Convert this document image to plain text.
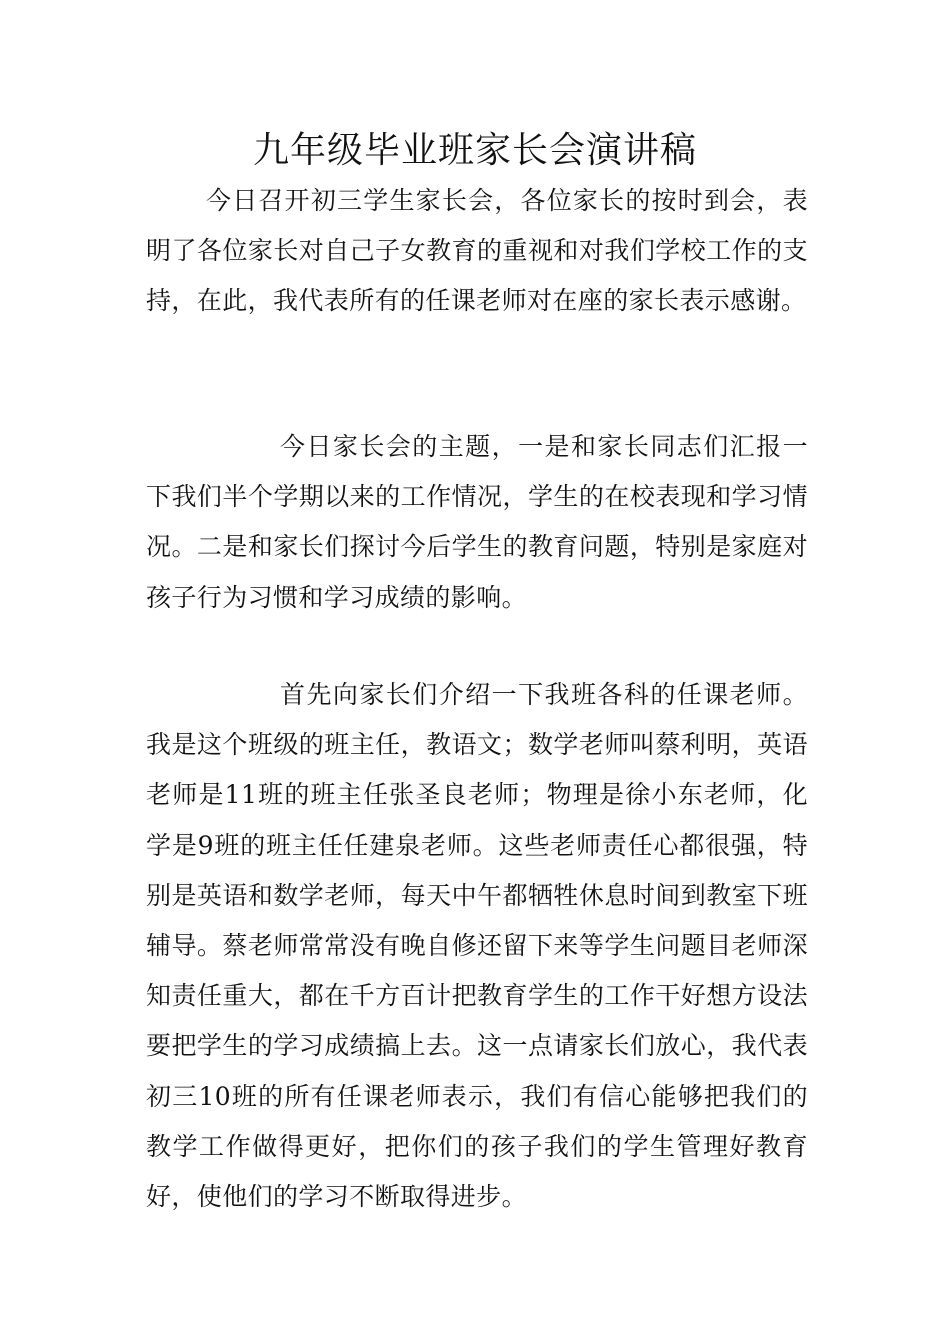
九年级毕业班家长会演讲稿

今日召开初三学生家长会，各位家长的按时到会，表明了各位家长对自己子女教育的重视和对我们学校工作的支持，在此，我代表所有的任课老师对在座的家长表示感谢。

今日家长会的主题，一是和家长同志们汇报一下我们半个学期以来的工作情况，学生的在校表现和学习情况。二是和家长们探讨今后学生的教育问题，特别是家庭对孩子行为习惯和学习成绩的影响。

首先向家长们介绍一下我班各科的任课老师。我是这个班级的班主任，教语文；数学老师叫蔡利明，英语老师是11班的班主任张圣良老师；物理是徐小东老师，化学是9班的班主任任建泉老师。这些老师责任心都很强，特别是英语和数学老师，每天中午都牺牲休息时间到教室下班辅导。蔡老师常常没有晚自修还留下来等学生问题目老师深知责任重大，都在千方百计把教育学生的工作干好想方设法要把学生的学习成绩搞上去。这一点请家长们放心，我代表初三10班的所有任课老师表示，我们有信心能够把我们的教学工作做得更好，把你们的孩子我们的学生管理好教育好，使他们的学习不断取得进步。
